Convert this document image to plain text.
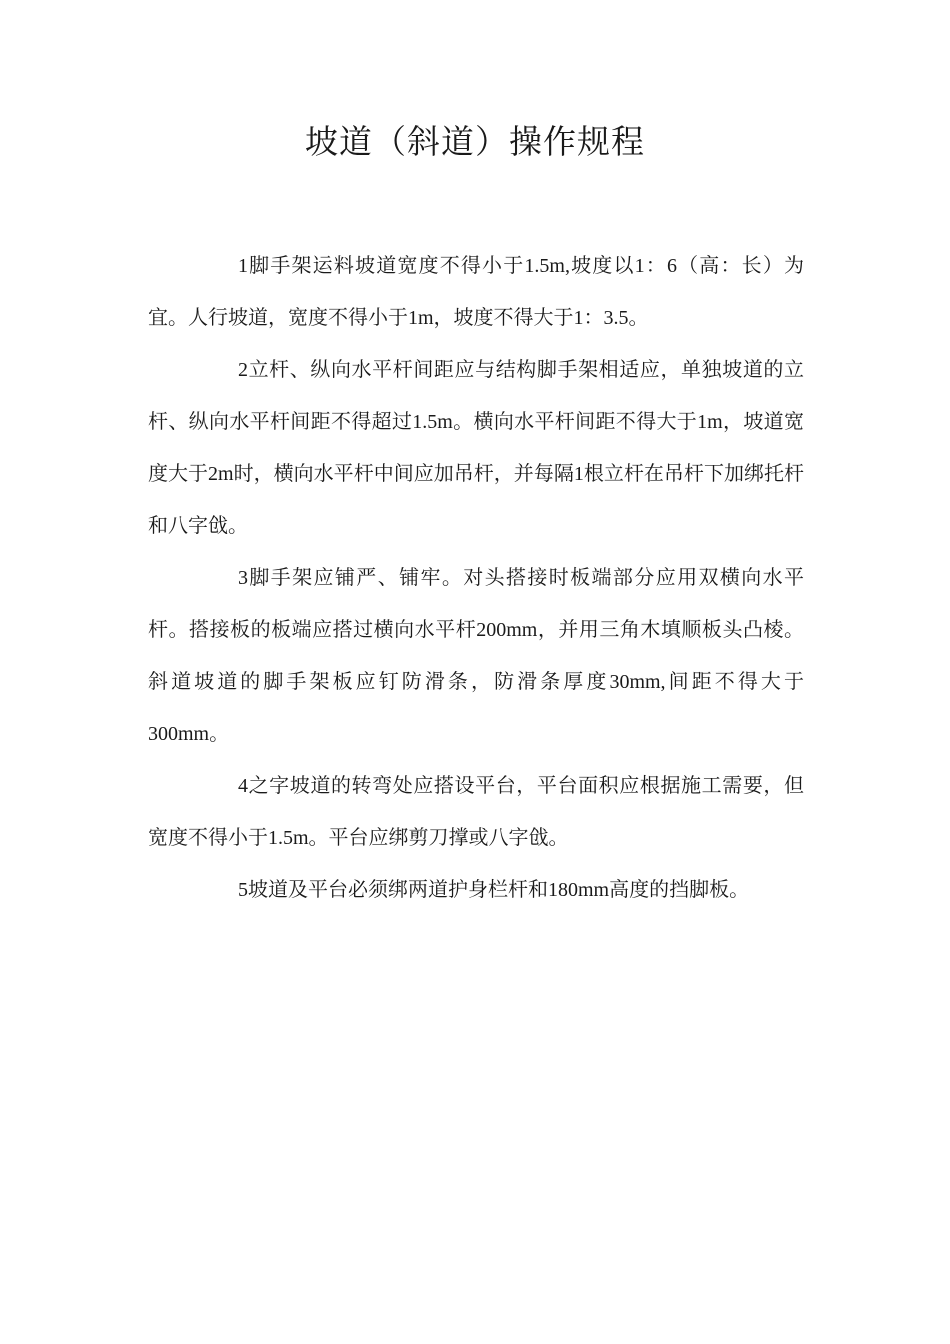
坡道（斜道）操作规程

1脚手架运料坡道宽度不得小于1.5m,坡度以1：6（高：长）为宜。人行坡道，宽度不得小于1m，坡度不得大于1：3.5。

2立杆、纵向水平杆间距应与结构脚手架相适应，单独坡道的立杆、纵向水平杆间距不得超过1.5m。横向水平杆间距不得大于1m，坡道宽度大于2m时，横向水平杆中间应加吊杆，并每隔1根立杆在吊杆下加绑托杆和八字戗。

3脚手架应铺严、铺牢。对头搭接时板端部分应用双横向水平杆。搭接板的板端应搭过横向水平杆200mm，并用三角木填顺板头凸棱。斜道坡道的脚手架板应钉防滑条，防滑条厚度30mm,间距不得大于300mm。

4之字坡道的转弯处应搭设平台，平台面积应根据施工需要，但宽度不得小于1.5m。平台应绑剪刀撑或八字戗。

5坡道及平台必须绑两道护身栏杆和180mm高度的挡脚板。
